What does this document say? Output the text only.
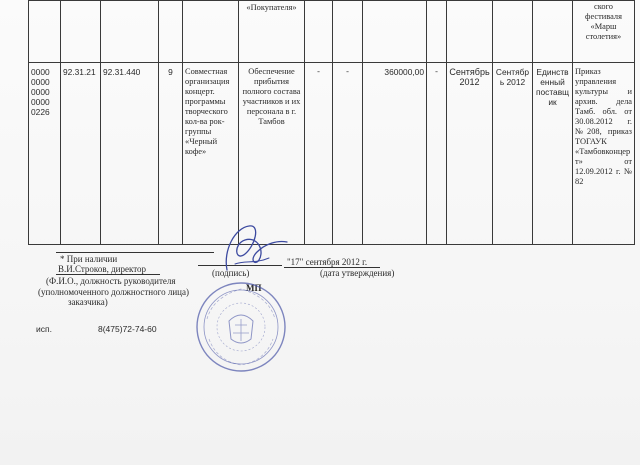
					«Покупателя»								ского фестиваля «Марш столетия»
0000 0000 0000 0000 0226	92.31.21	92.31.440	9	Совместная организация концерт. программы творческого кол-ва рок-группы «Черный кофе»	Обеспечение прибытия полного состава участников и их персонала в г. Тамбов	-	-	360000,00	-	Сентябрь 2012	Сентябрь 2012	Единственный поставщик	Приказ управления культуры и архив. дела Тамб. обл. от 30.08.2012 г. №208, приказ ТОГАУК «Тамбовконцерт» от 12.09.2012 г. № 82
* При наличии
В.И.Строков, директор
(Ф.И.О., должность руководителя
(уполномоченного должностного лица)
заказчика)
(подпись)
"17" сентября 2012 г.
(дата утверждения)
МП
исп.	8(475)72-74-60
